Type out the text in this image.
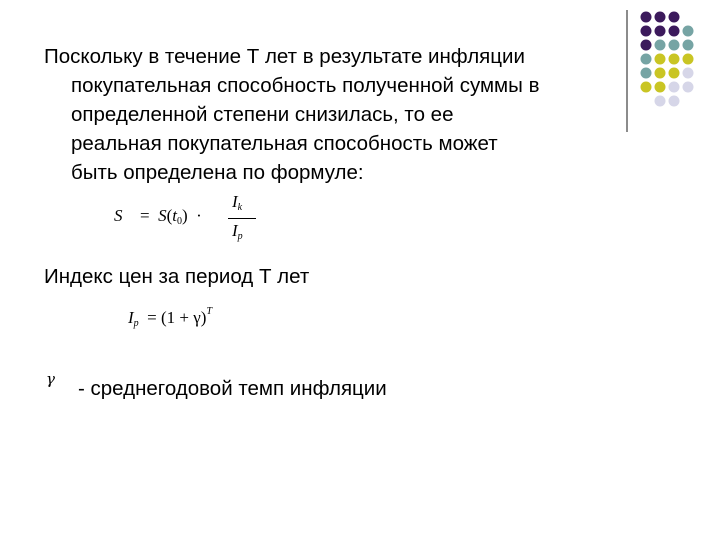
Поскольку в течение Т лет в результате инфляции
покупательная способность полученной суммы в
определенной степени снизилась, то ее
реальная покупательная способность может
быть определена по формуле:
$S = S(t_0)$ ·
$I_k$
$I_p$
Индекс цен за период Т лет
$I_p = (1 + \gamma)^T$
γ - среднегодовой темп инфляции
